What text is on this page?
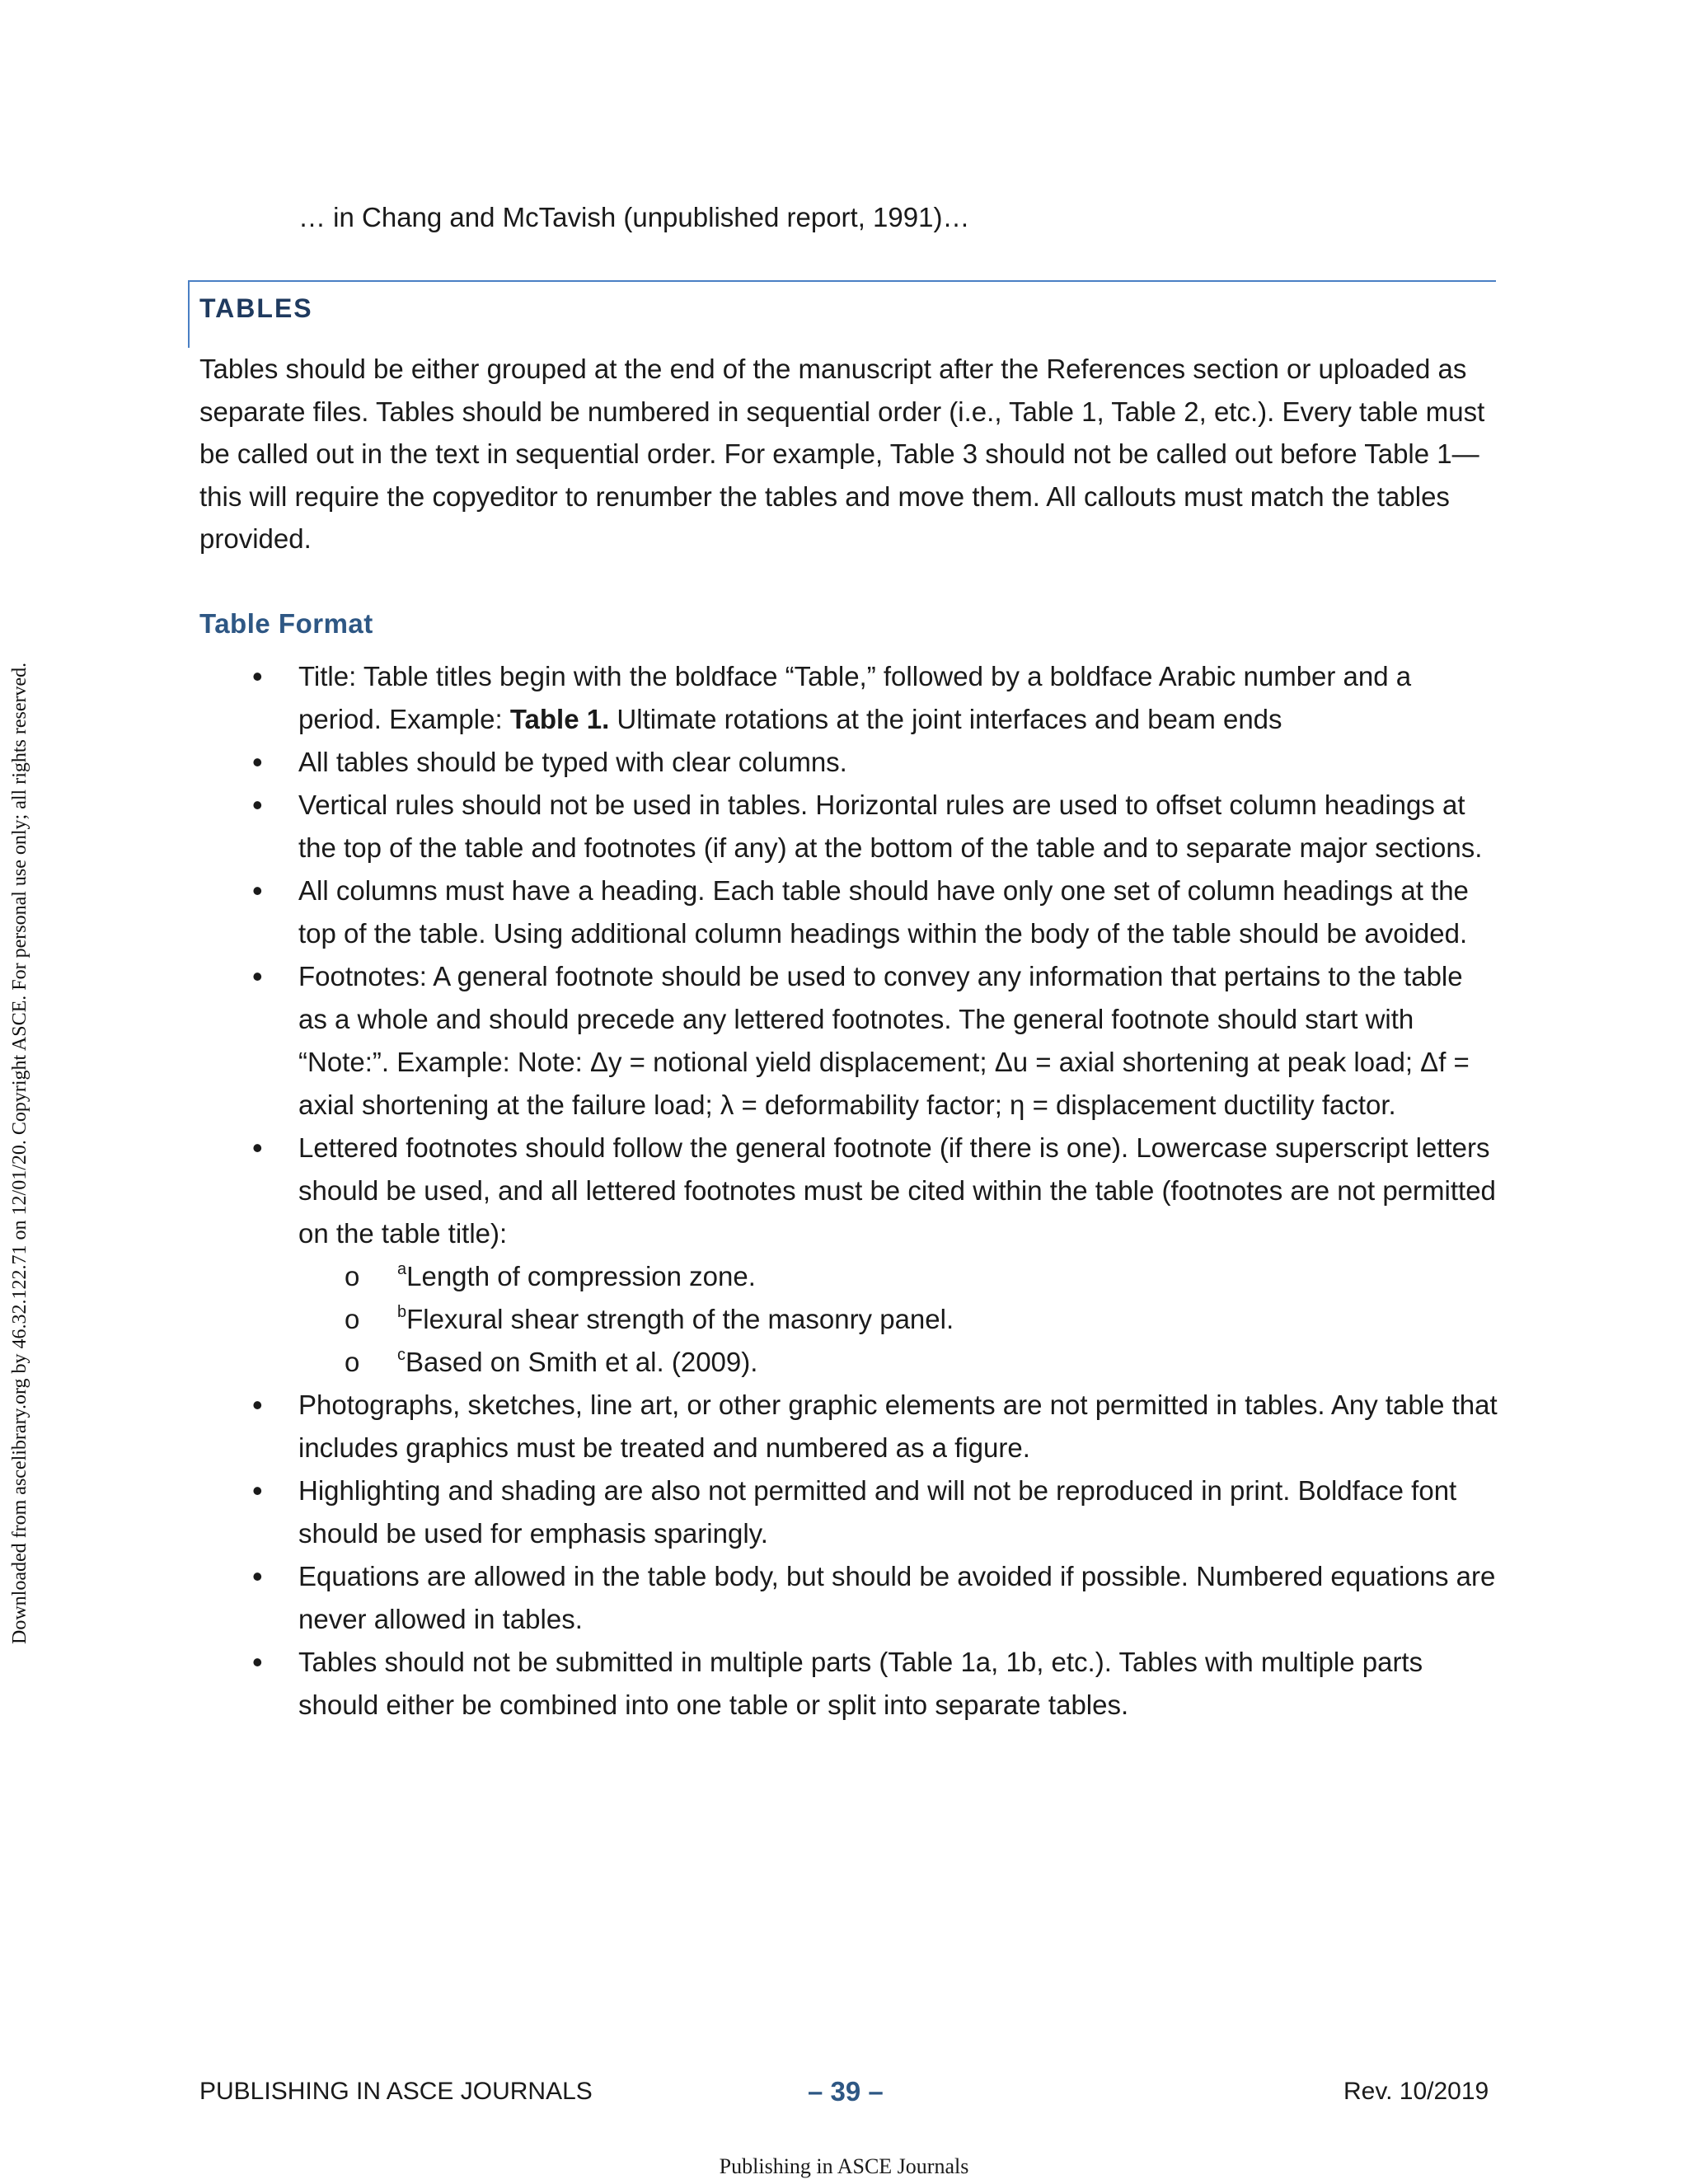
Downloaded from ascelibrary.org by 46.32.122.71 on 12/01/20. Copyright ASCE. For personal use only; all rights reserved.
… in Chang and McTavish (unpublished report, 1991)…
TABLES
Tables should be either grouped at the end of the manuscript after the References section or uploaded as separate files. Tables should be numbered in sequential order (i.e., Table 1, Table 2, etc.). Every table must be called out in the text in sequential order. For example, Table 3 should not be called out before Table 1—this will require the copyeditor to renumber the tables and move them. All callouts must match the tables provided.
Table Format
• Title: Table titles begin with the boldface “Table,” followed by a boldface Arabic number and a period. Example: Table 1. Ultimate rotations at the joint interfaces and beam ends
• All tables should be typed with clear columns.
• Vertical rules should not be used in tables. Horizontal rules are used to offset column headings at the top of the table and footnotes (if any) at the bottom of the table and to separate major sections.
• All columns must have a heading. Each table should have only one set of column headings at the top of the table. Using additional column headings within the body of the table should be avoided.
• Footnotes: A general footnote should be used to convey any information that pertains to the table as a whole and should precede any lettered footnotes. The general footnote should start with “Note:”. Example: Note: Δy = notional yield displacement; Δu = axial shortening at peak load; Δf = axial shortening at the failure load; λ = deformability factor; η = displacement ductility factor.
• Lettered footnotes should follow the general footnote (if there is one). Lowercase superscript letters should be used, and all lettered footnotes must be cited within the table (footnotes are not permitted on the table title):
o $^a$Length of compression zone.
o $^b$Flexural shear strength of the masonry panel.
o $^c$Based on Smith et al. (2009).
• Photographs, sketches, line art, or other graphic elements are not permitted in tables. Any table that includes graphics must be treated and numbered as a figure.
• Highlighting and shading are also not permitted and will not be reproduced in print. Boldface font should be used for emphasis sparingly.
• Equations are allowed in the table body, but should be avoided if possible. Numbered equations are never allowed in tables.
• Tables should not be submitted in multiple parts (Table 1a, 1b, etc.). Tables with multiple parts should either be combined into one table or split into separate tables.
PUBLISHING IN ASCE JOURNALS	– 39 –	Rev. 10/2019
Publishing in ASCE Journals
